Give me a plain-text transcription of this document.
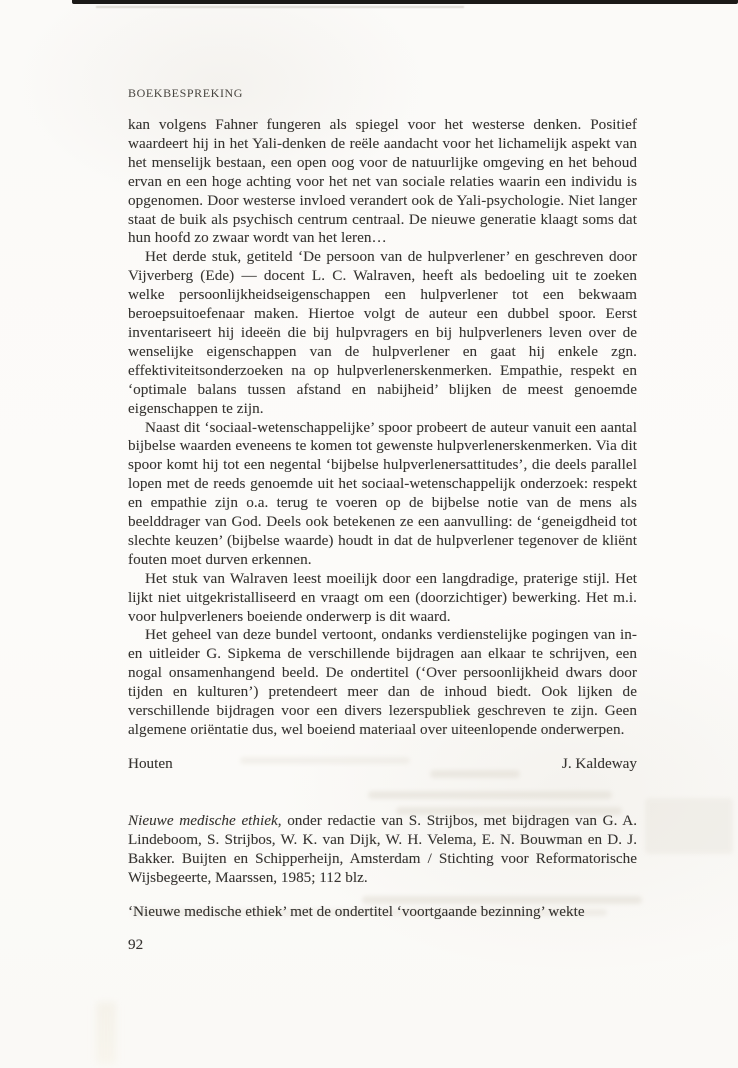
BOEKBESPREKING

kan volgens Fahner fungeren als spiegel voor het westerse denken. Positief waardeert hij in het Yali-denken de reële aandacht voor het lichamelijk aspekt van het menselijk bestaan, een open oog voor de natuurlijke omgeving en het behoud ervan en een hoge achting voor het net van sociale relaties waarin een individu is opgenomen. Door westerse invloed verandert ook de Yali-psychologie. Niet langer staat de buik als psychisch centrum centraal. De nieuwe generatie klaagt soms dat hun hoofd zo zwaar wordt van het leren…

Het derde stuk, getiteld ‘De persoon van de hulpverlener’ en geschreven door Vijverberg (Ede) — docent L. C. Walraven, heeft als bedoeling uit te zoeken welke persoonlijkheidseigenschappen een hulpverlener tot een bekwaam beroepsuitoefenaar maken. Hiertoe volgt de auteur een dubbel spoor. Eerst inventariseert hij ideeën die bij hulpvragers en bij hulpverleners leven over de wenselijke eigenschappen van de hulpverlener en gaat hij enkele zgn. effektiviteitsonderzoeken na op hulpverlenerskenmerken. Empathie, respekt en ‘optimale balans tussen afstand en nabijheid’ blijken de meest genoemde eigenschappen te zijn.

Naast dit ‘sociaal-wetenschappelijke’ spoor probeert de auteur vanuit een aantal bijbelse waarden eveneens te komen tot gewenste hulpverlenerskenmerken. Via dit spoor komt hij tot een negental ‘bijbelse hulpverlenersattitudes’, die deels parallel lopen met de reeds genoemde uit het sociaal-wetenschappelijk onderzoek: respekt en empathie zijn o.a. terug te voeren op de bijbelse notie van de mens als beelddrager van God. Deels ook betekenen ze een aanvulling: de ‘geneigdheid tot slechte keuzen’ (bijbelse waarde) houdt in dat de hulpverlener tegenover de kliënt fouten moet durven erkennen.

Het stuk van Walraven leest moeilijk door een langdradige, praterige stijl. Het lijkt niet uitgekristalliseerd en vraagt om een (doorzichtiger) bewerking. Het m.i. voor hulpverleners boeiende onderwerp is dit waard.

Het geheel van deze bundel vertoont, ondanks verdienstelijke pogingen van in- en uitleider G. Sipkema de verschillende bijdragen aan elkaar te schrijven, een nogal onsamenhangend beeld. De ondertitel (‘Over persoonlijkheid dwars door tijden en kulturen’) pretendeert meer dan de inhoud biedt. Ook lijken de verschillende bijdragen voor een divers lezerspubliek geschreven te zijn. Geen algemene oriëntatie dus, wel boeiend materiaal over uiteenlopende onderwerpen.

Houten	J. Kaldeway

Nieuwe medische ethiek, onder redactie van S. Strijbos, met bijdragen van G. A. Lindeboom, S. Strijbos, W. K. van Dijk, W. H. Velema, E. N. Bouwman en D. J. Bakker. Buijten en Schipperheijn, Amsterdam / Stichting voor Reformatorische Wijsbegeerte, Maarssen, 1985; 112 blz.

‘Nieuwe medische ethiek’ met de ondertitel ‘voortgaande bezinning’ wekte

92
